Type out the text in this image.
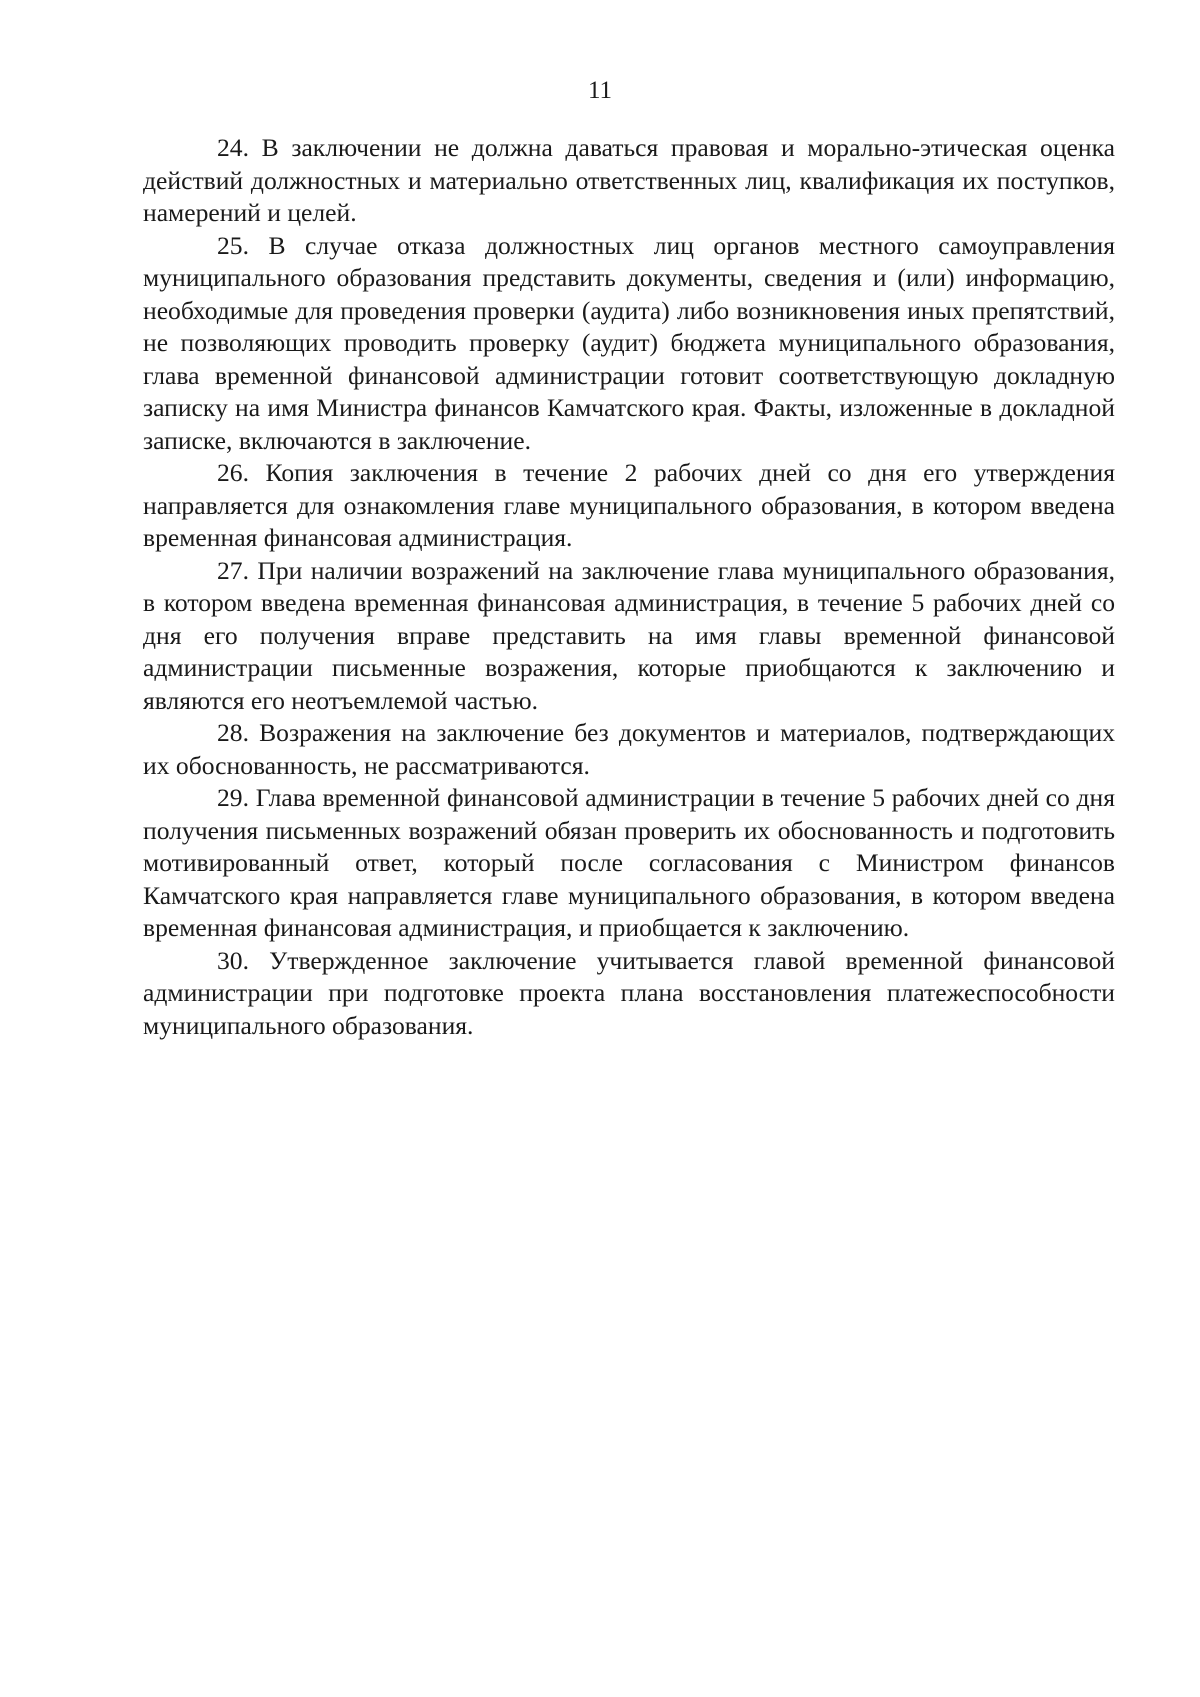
11

24. В заключении не должна даваться правовая и морально-этическая оценка действий должностных и материально ответственных лиц, квалификация их поступков, намерений и целей.

25. В случае отказа должностных лиц органов местного самоуправления муниципального образования представить документы, сведения и (или) информацию, необходимые для проведения проверки (аудита) либо возникновения иных препятствий, не позволяющих проводить проверку (аудит) бюджета муниципального образования, глава временной финансовой администрации готовит соответствующую докладную записку на имя Министра финансов Камчатского края. Факты, изложенные в докладной записке, включаются в заключение.

26. Копия заключения в течение 2 рабочих дней со дня его утверждения направляется для ознакомления главе муниципального образования, в котором введена временная финансовая администрация.

27. При наличии возражений на заключение глава муниципального образования, в котором введена временная финансовая администрация, в течение 5 рабочих дней со дня его получения вправе представить на имя главы временной финансовой администрации письменные возражения, которые приобщаются к заключению и являются его неотъемлемой частью.

28. Возражения на заключение без документов и материалов, подтверждающих их обоснованность, не рассматриваются.

29. Глава временной финансовой администрации в течение 5 рабочих дней со дня получения письменных возражений обязан проверить их обоснованность и подготовить мотивированный ответ, который после согласования с Министром финансов Камчатского края направляется главе муниципального образования, в котором введена временная финансовая администрация, и приобщается к заключению.

30. Утвержденное заключение учитывается главой временной финансовой администрации при подготовке проекта плана восстановления платежеспособности муниципального образования.
